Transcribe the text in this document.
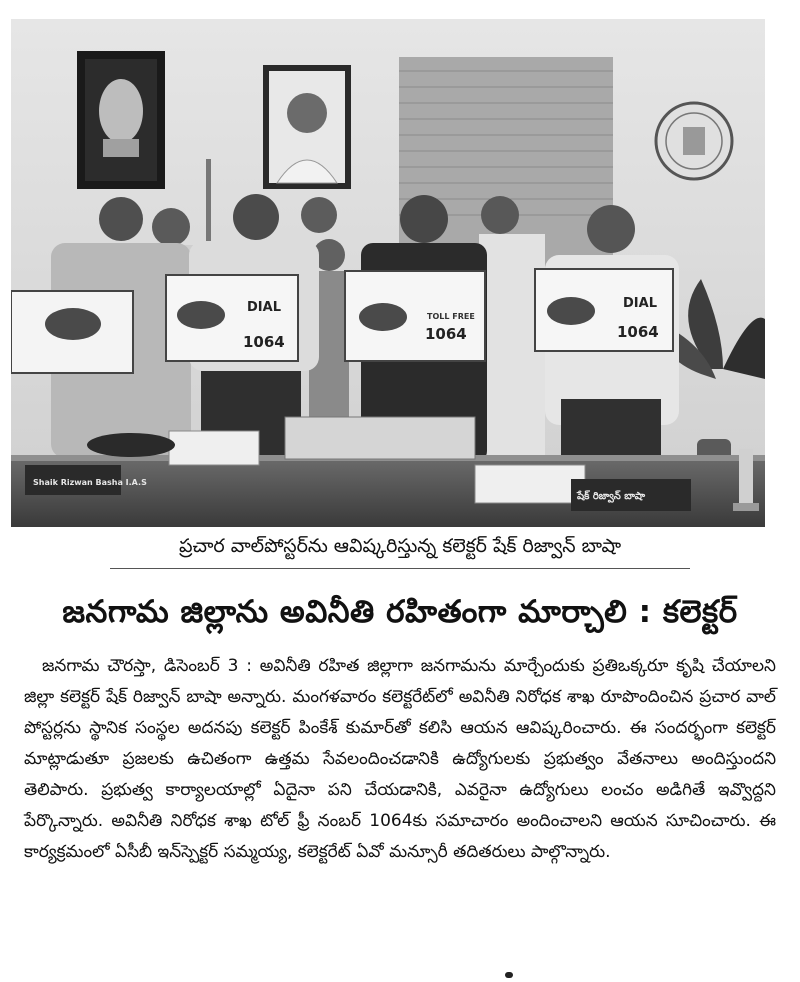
DIAL
1064
TOLL FREE
1064
DIAL
1064
Shaik Rizwan Basha I.A.S
షేక్ రిజ్వాన్ బాషా
ప్రచార వాల్‌పోస్టర్‌ను ఆవిష్కరిస్తున్న కలెక్టర్ షేక్ రిజ్వాన్ బాషా
జనగామ జిల్లాను అవినీతి రహితంగా మార్చాలి : కలెక్టర్
జనగామ చౌరస్తా, డిసెంబర్ 3 : అవినీతి రహిత జిల్లాగా జనగామను మార్చేందుకు ప్రతిఒక్కరూ కృషి చేయాలని జిల్లా కలెక్టర్ షేక్ రిజ్వాన్ బాషా అన్నారు. మంగళవారం కలెక్టరేట్‌లో అవినీతి నిరోధక శాఖ రూపొందించిన ప్రచార వాల్ పోస్టర్లను స్థానిక సంస్థల అదనపు కలెక్టర్ పింకేశ్ కుమార్‌తో కలిసి ఆయన ఆవిష్కరించారు. ఈ సందర్భంగా కలెక్టర్ మాట్లాడుతూ ప్రజలకు ఉచితంగా ఉత్తమ సేవలందించడానికి ఉద్యోగులకు ప్రభుత్వం వేతనాలు అందిస్తుందని తెలిపారు. ప్రభుత్వ కార్యాలయాల్లో ఏదైనా పని చేయడానికి, ఎవరైనా ఉద్యోగులు లంచం అడిగితే ఇవ్వొద్దని పేర్కొన్నారు. అవినీతి నిరోధక శాఖ టోల్ ఫ్రీ నంబర్ 1064కు సమాచారం అందించాలని ఆయన సూచించారు. ఈ కార్యక్రమంలో ఏసీబీ ఇన్‌స్పెక్టర్ సమ్మయ్య, కలెక్టరేట్ ఏవో మన్సూరీ తదితరులు పాల్గొన్నారు.
